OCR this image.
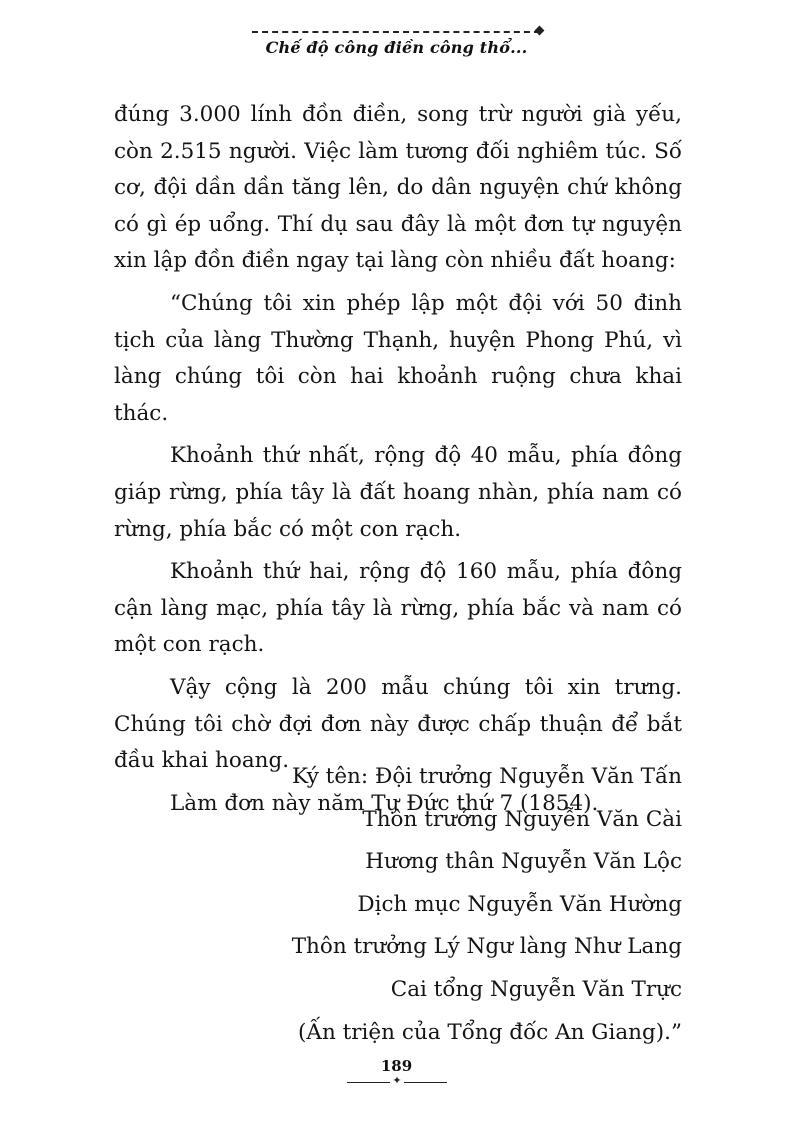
Chế độ công điền công thổ...

đúng 3.000 lính đồn điền, song trừ người già yếu, còn 2.515 người. Việc làm tương đối nghiêm túc. Số cơ, đội dần dần tăng lên, do dân nguyện chứ không có gì ép uổng. Thí dụ sau đây là một đơn tự nguyện xin lập đồn điền ngay tại làng còn nhiều đất hoang:

“Chúng tôi xin phép lập một đội với 50 đinh tịch của làng Thường Thạnh, huyện Phong Phú, vì làng chúng tôi còn hai khoảnh ruộng chưa khai thác.

Khoảnh thứ nhất, rộng độ 40 mẫu, phía đông giáp rừng, phía tây là đất hoang nhàn, phía nam có rừng, phía bắc có một con rạch.

Khoảnh thứ hai, rộng độ 160 mẫu, phía đông cận làng mạc, phía tây là rừng, phía bắc và nam có một con rạch.

Vậy cộng là 200 mẫu chúng tôi xin trưng. Chúng tôi chờ đợi đơn này được chấp thuận để bắt đầu khai hoang.

Làm đơn này năm Tự Đức thứ 7 (1854).

Ký tên: Đội trưởng Nguyễn Văn Tấn
Thôn trưởng Nguyễn Văn Cài
Hương thân Nguyễn Văn Lộc
Dịch mục Nguyễn Văn Hường
Thôn trưởng Lý Ngư làng Như Lang
Cai tổng Nguyễn Văn Trực
(Ấn triện của Tổng đốc An Giang).”
189
✦
